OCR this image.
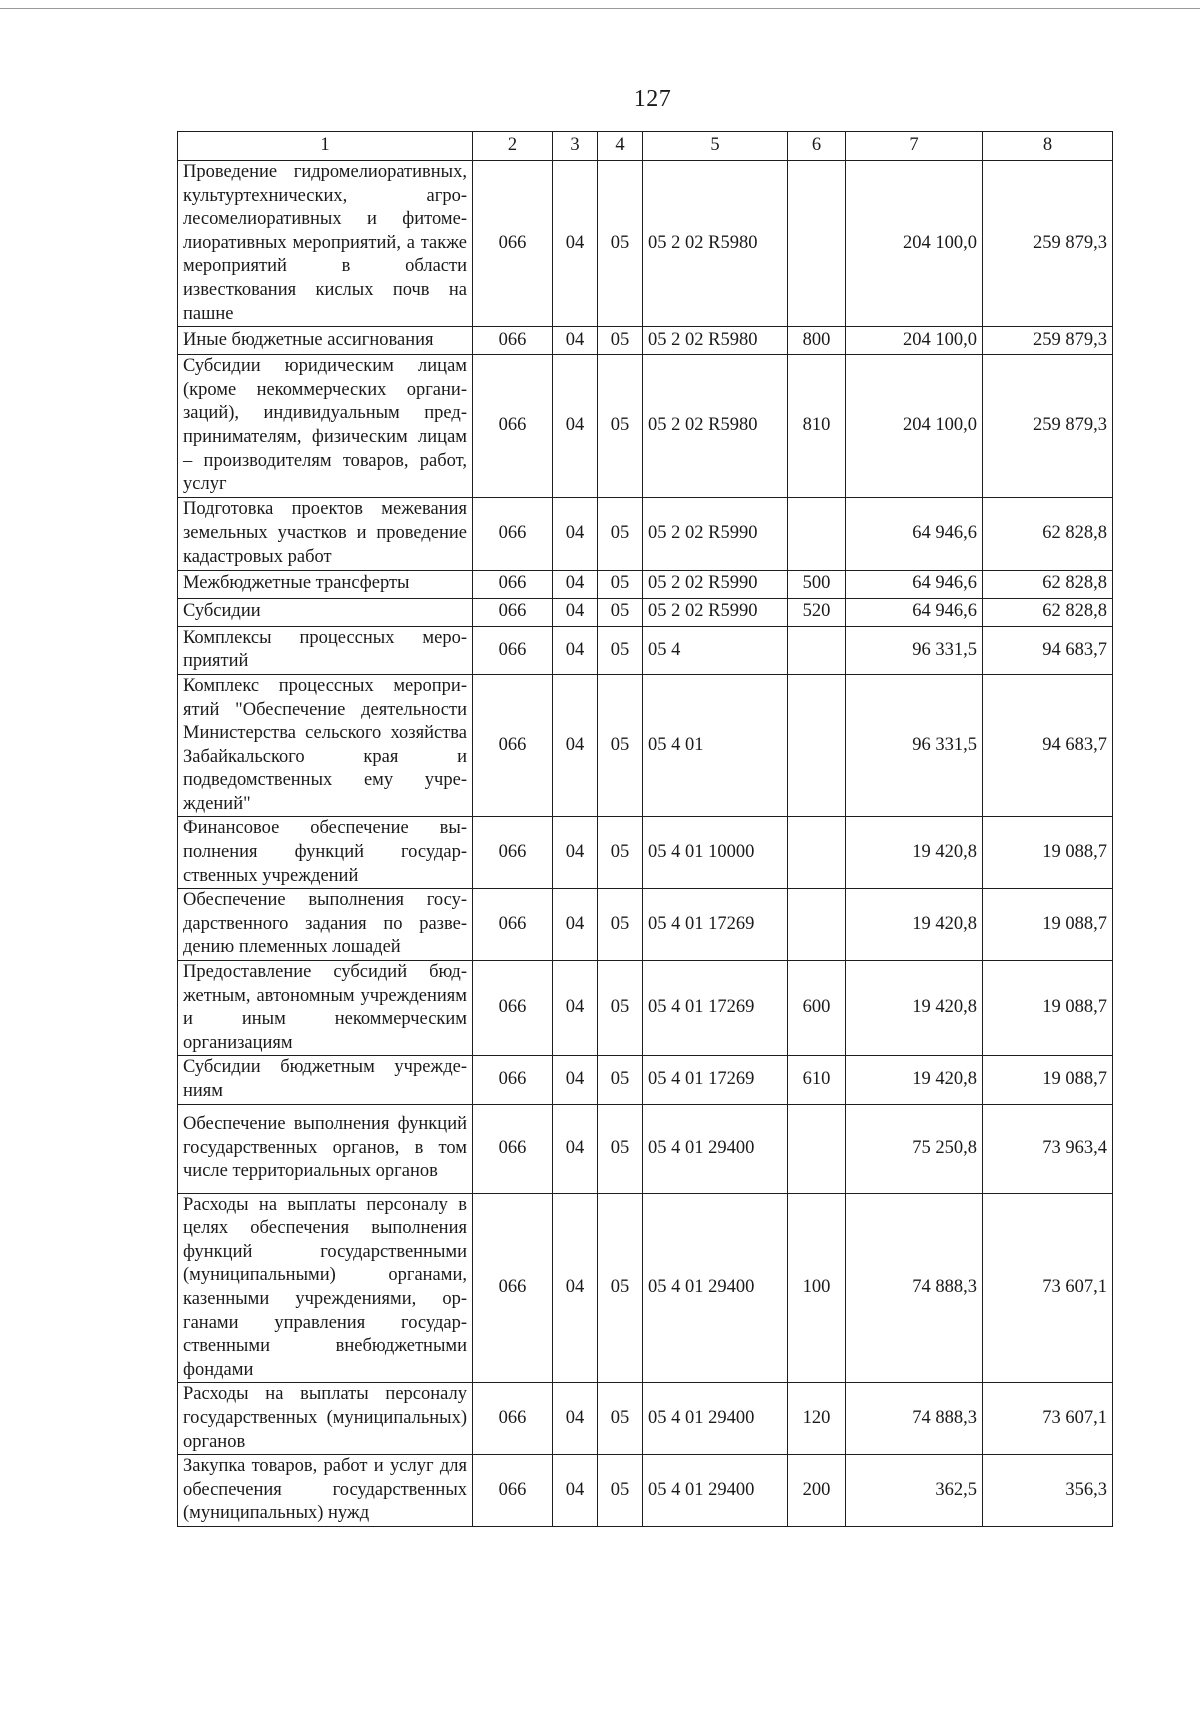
127
1	2	3	4	5	6	7	8
Проведение гидромелиоративных, культуртехнических, агролесомелиоративных и фитомелиоративных мероприятий, а также мероприятий в области известкования кислых почв на пашне	066	04	05	05 2 02 R5980		204 100,0	259 879,3
Иные бюджетные ассигнования	066	04	05	05 2 02 R5980	800	204 100,0	259 879,3
Субсидии юридическим лицам (кроме некоммерческих организаций), индивидуальным предпринимателям, физическим лицам – производителям товаров, работ, услуг	066	04	05	05 2 02 R5980	810	204 100,0	259 879,3
Подготовка проектов межевания земельных участков и проведение кадастровых работ	066	04	05	05 2 02 R5990		64 946,6	62 828,8
Межбюджетные трансферты	066	04	05	05 2 02 R5990	500	64 946,6	62 828,8
Субсидии	066	04	05	05 2 02 R5990	520	64 946,6	62 828,8
Комплексы процессных мероприятий	066	04	05	05 4		96 331,5	94 683,7
Комплекс процессных мероприятий "Обеспечение деятельности Министерства сельского хозяйства Забайкальского края и подведомственных ему учреждений"	066	04	05	05 4 01		96 331,5	94 683,7
Финансовое обеспечение выполнения функций государственных учреждений	066	04	05	05 4 01 10000		19 420,8	19 088,7
Обеспечение выполнения государственного задания по разведению племенных лошадей	066	04	05	05 4 01 17269		19 420,8	19 088,7
Предоставление субсидий бюджетным, автономным учреждениям и иным некоммерческим организациям	066	04	05	05 4 01 17269	600	19 420,8	19 088,7
Субсидии бюджетным учреждениям	066	04	05	05 4 01 17269	610	19 420,8	19 088,7
Обеспечение выполнения функций государственных органов, в том числе территориальных органов	066	04	05	05 4 01 29400		75 250,8	73 963,4
Расходы на выплаты персоналу в целях обеспечения выполнения функций государственными (муниципальными) органами, казенными учреждениями, органами управления государственными внебюджетными фондами	066	04	05	05 4 01 29400	100	74 888,3	73 607,1
Расходы на выплаты персоналу государственных (муниципальных) органов	066	04	05	05 4 01 29400	120	74 888,3	73 607,1
Закупка товаров, работ и услуг для обеспечения государственных (муниципальных) нужд	066	04	05	05 4 01 29400	200	362,5	356,3
